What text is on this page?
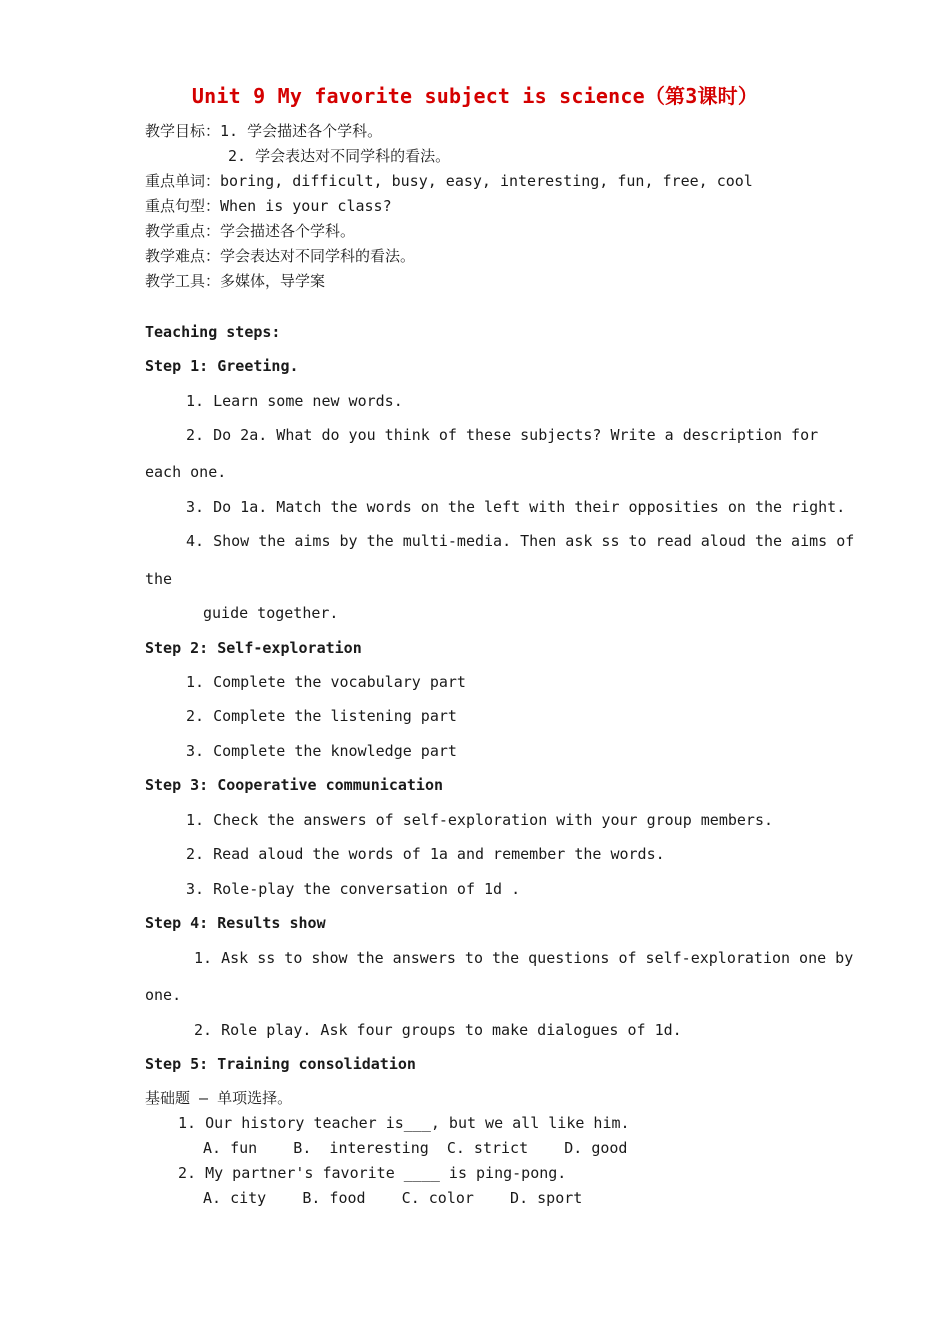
Unit 9 My favorite subject is science（第3课时）
教学目标：1. 学会描述各个学科。
2. 学会表达对不同学科的看法。
重点单词：boring, difficult, busy, easy, interesting, fun, free, cool
重点句型：When is your class?
教学重点：学会描述各个学科。
教学难点：学会表达对不同学科的看法。
教学工具：多媒体，导学案
Teaching steps:
Step 1: Greeting.
1. Learn some new words.
2. Do 2a. What do you think of these subjects? Write a description for
each one.
3. Do 1a. Match the words on the left with their opposities on the right.
4. Show the aims by the multi-media. Then ask ss to read aloud the aims of
the
guide together.
Step 2: Self-exploration
1. Complete the vocabulary part
2. Complete the listening part
3. Complete the knowledge part
Step 3: Cooperative communication
1. Check the answers of self-exploration with your group members.
2. Read aloud the words of 1a and remember the words.
3. Role-play the conversation of 1d .
Step 4: Results show
1. Ask ss to show the answers to the questions of self-exploration one by
one.
2. Role play. Ask four groups to make dialogues of 1d.
Step 5: Training consolidation
基础题 — 单项选择。
1. Our history teacher is___, but we all like him.
A. fun    B.  interesting  C. strict    D. good
2. My partner's favorite ____ is ping-pong.
A. city    B. food    C. color    D. sport
